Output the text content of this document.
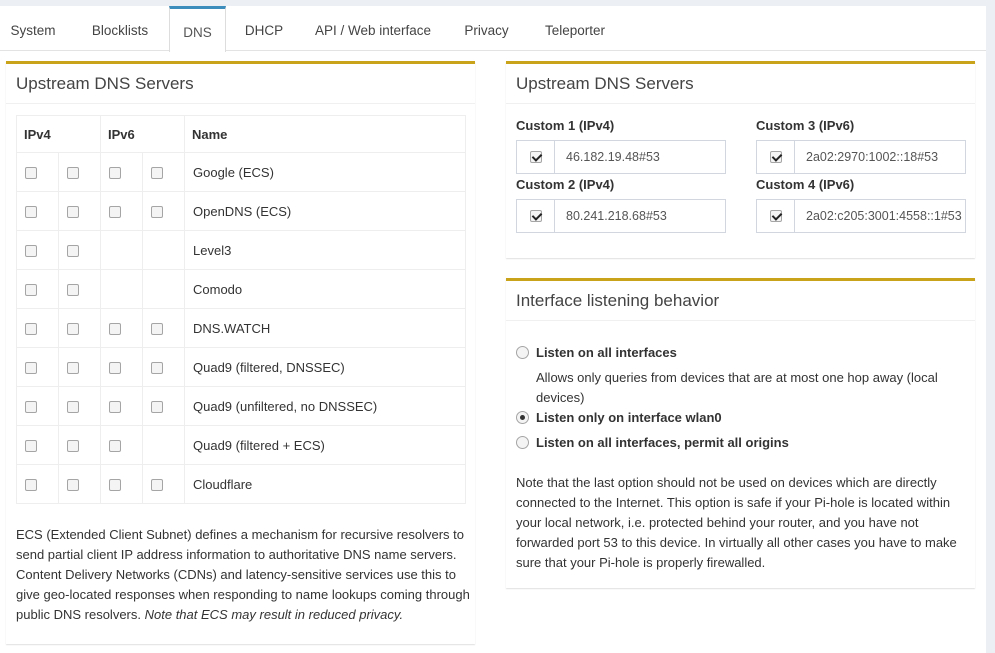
System	Blocklists	DNS	DHCP	API / Web interface	Privacy	Teleporter
Upstream DNS Servers
IPv4		IPv6		Name
				Google (ECS)
				OpenDNS (ECS)
				Level3
				Comodo
				DNS.WATCH
				Quad9 (filtered, DNSSEC)
				Quad9 (unfiltered, no DNSSEC)
				Quad9 (filtered + ECS)
				Cloudflare
ECS (Extended Client Subnet) defines a mechanism for recursive resolvers to send partial client IP address information to authoritative DNS name servers. Content Delivery Networks (CDNs) and latency-sensitive services use this to give geo-located responses when responding to name lookups coming through public DNS resolvers. Note that ECS may result in reduced privacy.
Upstream DNS Servers
Custom 1 (IPv4)
46.182.19.48#53
Custom 2 (IPv4)
80.241.218.68#53
Custom 3 (IPv6)
2a02:2970:1002::18#53
Custom 4 (IPv6)
2a02:c205:3001:4558::1#53
Interface listening behavior
Listen on all interfaces
Allows only queries from devices that are at most one hop away (local devices)
Listen only on interface wlan0
Listen on all interfaces, permit all origins
Note that the last option should not be used on devices which are directly connected to the Internet. This option is safe if your Pi-hole is located within your local network, i.e. protected behind your router, and you have not forwarded port 53 to this device. In virtually all other cases you have to make sure that your Pi-hole is properly firewalled.
